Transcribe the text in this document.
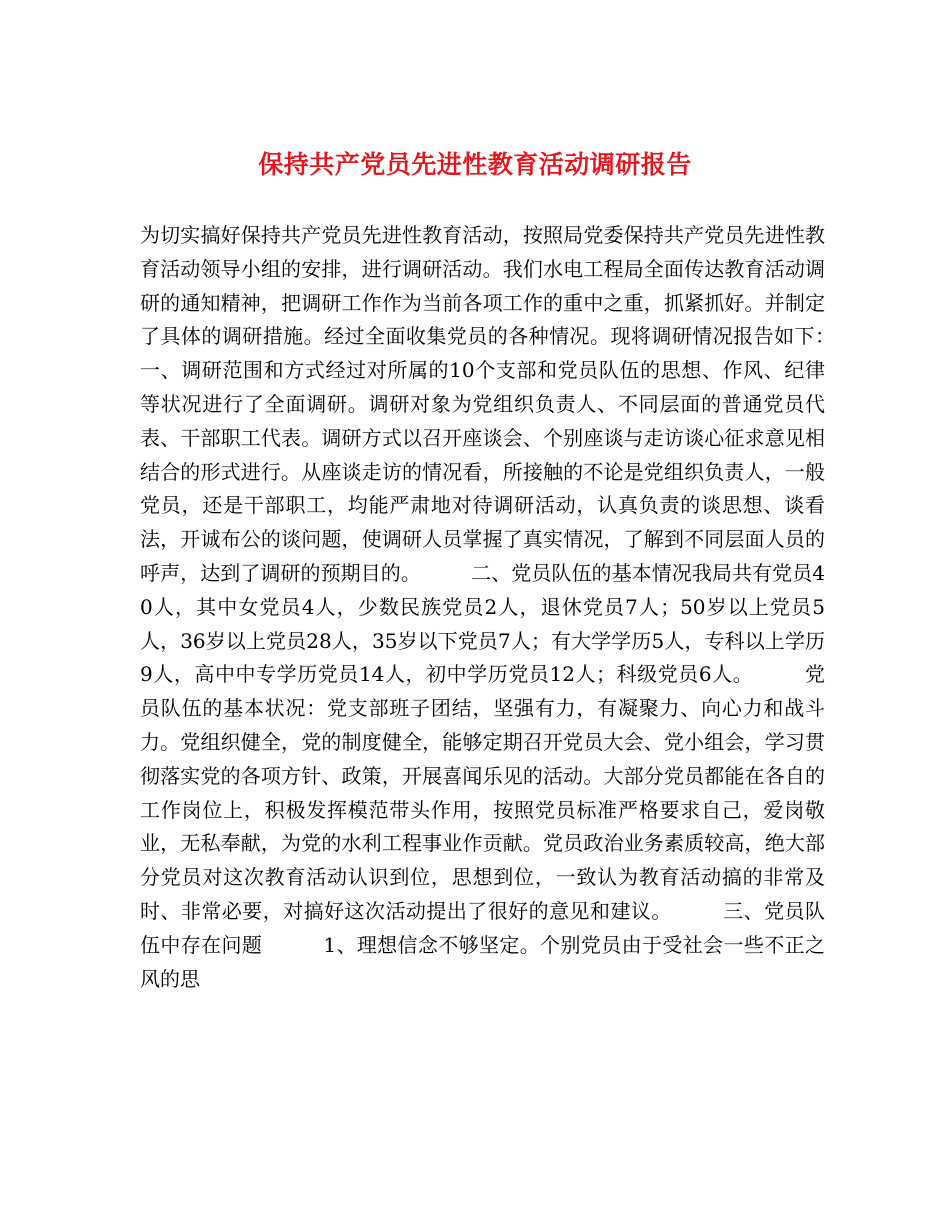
保持共产党员先进性教育活动调研报告

为切实搞好保持共产党员先进性教育活动，按照局党委保持共产党员先进性教育活动领导小组的安排，进行调研活动。我们水电工程局全面传达教育活动调研的通知精神，把调研工作作为当前各项工作的重中之重，抓紧抓好。并制定了具体的调研措施。经过全面收集党员的各种情况。现将调研情况报告如下：　　　一、调研范围和方式经过对所属的10个支部和党员队伍的思想、作风、纪律等状况进行了全面调研。调研对象为党组织负责人、不同层面的普通党员代表、干部职工代表。调研方式以召开座谈会、个别座谈与走访谈心征求意见相结合的形式进行。从座谈走访的情况看，所接触的不论是党组织负责人，一般党员，还是干部职工，均能严肃地对待调研活动，认真负责的谈思想、谈看法，开诚布公的谈问题，使调研人员掌握了真实情况，了解到不同层面人员的呼声，达到了调研的预期目的。　　　二、党员队伍的基本情况我局共有党员40人，其中女党员4人，少数民族党员2人，退休党员7人；50岁以上党员5人，36岁以上党员28人，35岁以下党员7人；有大学学历5人，专科以上学历9人，高中中专学历党员14人，初中学历党员12人；科级党员6人。　　　党员队伍的基本状况：党支部班子团结，坚强有力，有凝聚力、向心力和战斗力。党组织健全，党的制度健全，能够定期召开党员大会、党小组会，学习贯彻落实党的各项方针、政策，开展喜闻乐见的活动。大部分党员都能在各自的工作岗位上，积极发挥模范带头作用，按照党员标准严格要求自己，爱岗敬业，无私奉献，为党的水利工程事业作贡献。党员政治业务素质较高，绝大部分党员对这次教育活动认识到位，思想到位，一致认为教育活动搞的非常及时、非常必要，对搞好这次活动提出了很好的意见和建议。　　　三、党员队伍中存在问题　　　1、理想信念不够坚定。个别党员由于受社会一些不正之风的思
